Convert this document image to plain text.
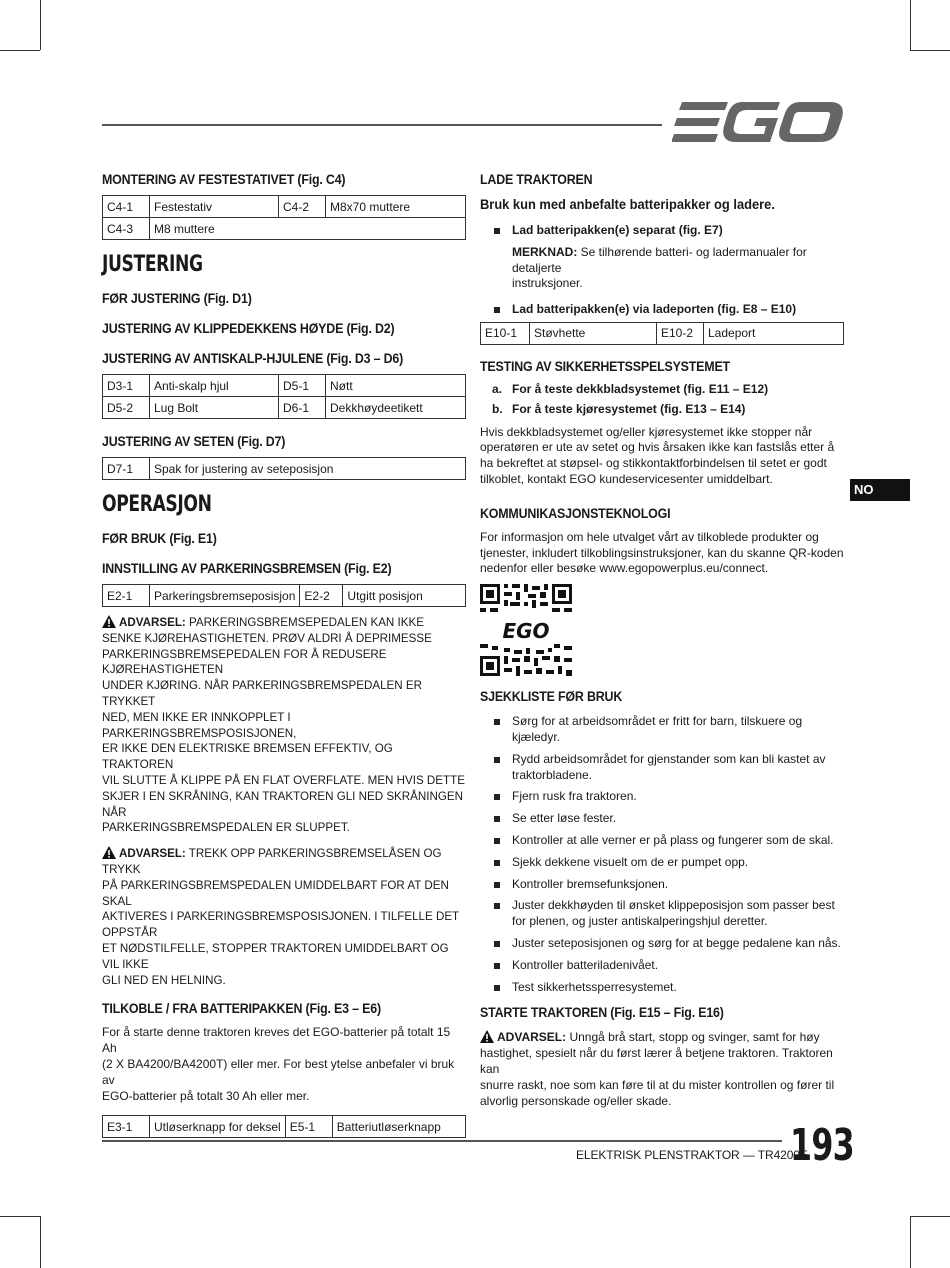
MONTERING AV FESTESTATIVET (Fig. C4)
C4-1	Festestativ	C4-2	M8x70 muttere
C4-3	M8 muttere		
JUSTERING
FØR JUSTERING (Fig. D1)
JUSTERING AV KLIPPEDEKKENS HØYDE (Fig. D2)
JUSTERING AV ANTISKALP-HJULENE (Fig. D3 – D6)
D3-1	Anti-skalp hjul	D5-1	Nøtt
D5-2	Lug Bolt	D6-1	Dekkhøydeetikett
JUSTERING AV SETEN (Fig. D7)
D7-1	Spak for justering av seteposisjon
OPERASJON
FØR BRUK (Fig. E1)
INNSTILLING AV PARKERINGSBREMSEN (Fig. E2)
E2-1	Parkeringsbremseposisjon	E2-2	Utgitt posisjon
ADVARSEL: PARKERINGSBREMSEPEDALEN KAN IKKE
SENKE KJØREHASTIGHETEN. PRØV ALDRI Å DEPRIMESSE
PARKERINGSBREMSEPEDALEN FOR Å REDUSERE KJØREHASTIGHETEN
UNDER KJØRING. NÅR PARKERINGSBREMSPEDALEN ER TRYKKET
NED, MEN IKKE ER INNKOPPLET I PARKERINGSBREMSPOSISJONEN,
ER IKKE DEN ELEKTRISKE BREMSEN EFFEKTIV, OG TRAKTOREN
VIL SLUTTE Å KLIPPE PÅ EN FLAT OVERFLATE. MEN HVIS DETTE
SKJER I EN SKRÅNING, KAN TRAKTOREN GLI NED SKRÅNINGEN NÅR
PARKERINGSBREMSPEDALEN ER SLUPPET.
ADVARSEL: TREKK OPP PARKERINGSBREMSELÅSEN OG TRYKK
PÅ PARKERINGSBREMSPEDALEN UMIDDELBART FOR AT DEN SKAL
AKTIVERES I PARKERINGSBREMSPOSISJONEN. I TILFELLE DET OPPSTÅR
ET NØDSTILFELLE, STOPPER TRAKTOREN UMIDDELBART OG VIL IKKE
GLI NED EN HELNING.
TILKOBLE / FRA BATTERIPAKKEN (Fig. E3 – E6)

For å starte denne traktoren kreves det EGO-batterier på totalt 15 Ah
(2 X BA4200/BA4200T) eller mer. For best ytelse anbefaler vi bruk av
EGO-batterier på totalt 30 Ah eller mer.

E3-1	Utløserknapp for deksel	E5-1	Batteriutløserknapp
LADE TRAKTOREN
Bruk kun med anbefalte batteripakker og ladere.
Lad batteripakken(e) separat (fig. E7)

MERKNAD: Se tilhørende batteri- og ladermanualer for detaljerte
instruksjoner.

Lad batteripakken(e) via ladeporten (fig. E8 – E10)
E10-1	Støvhette	E10-2	Ladeport
TESTING AV SIKKERHETSSPELSYSTEMET
a. For å teste dekkbladsystemet (fig. E11 – E12)
b. For å teste kjøresystemet (fig. E13 – E14)

Hvis dekkbladsystemet og/eller kjøresystemet ikke stopper når
operatøren er ute av setet og hvis årsaken ikke kan fastslås etter å
ha bekreftet at støpsel- og stikkontaktforbindelsen til setet er godt
tilkoblet, kontakt EGO kundeservicesenter umiddelbart.

KOMMUNIKASJONSTEKNOLOGI

For informasjon om hele utvalget vårt av tilkoblede produkter og
tjenester, inkludert tilkoblingsinstruksjoner, kan du skanne QR-koden
nedenfor eller besøke www.egopowerplus.eu/connect.

EGO
SJEKKLISTE FØR BRUK
Sørg for at arbeidsområdet er fritt for barn, tilskuere og kjæledyr.
Rydd arbeidsområdet for gjenstander som kan bli kastet av traktorbladene.
Fjern rusk fra traktoren.
Se etter løse fester.
Kontroller at alle verner er på plass og fungerer som de skal.
Sjekk dekkene visuelt om de er pumpet opp.
Kontroller bremsefunksjonen.
Juster dekkhøyden til ønsket klippeposisjon som passer best for plenen, og juster antiskalperingshjul deretter.
Juster seteposisjonen og sørg for at begge pedalene kan nås.
Kontroller batteriladenivået.
Test sikkerhetssperresystemet.
STARTE TRAKTOREN (Fig. E15 – Fig. E16)

ADVARSEL: Unngå brå start, stopp og svinger, samt for høy
hastighet, spesielt når du først lærer å betjene traktoren. Traktoren kan
snurre raskt, noe som kan føre til at du mister kontrollen og fører til
alvorlig personskade og/eller skade.

NO
ELEKTRISK PLENSTRAKTOR — TR4200E
193
